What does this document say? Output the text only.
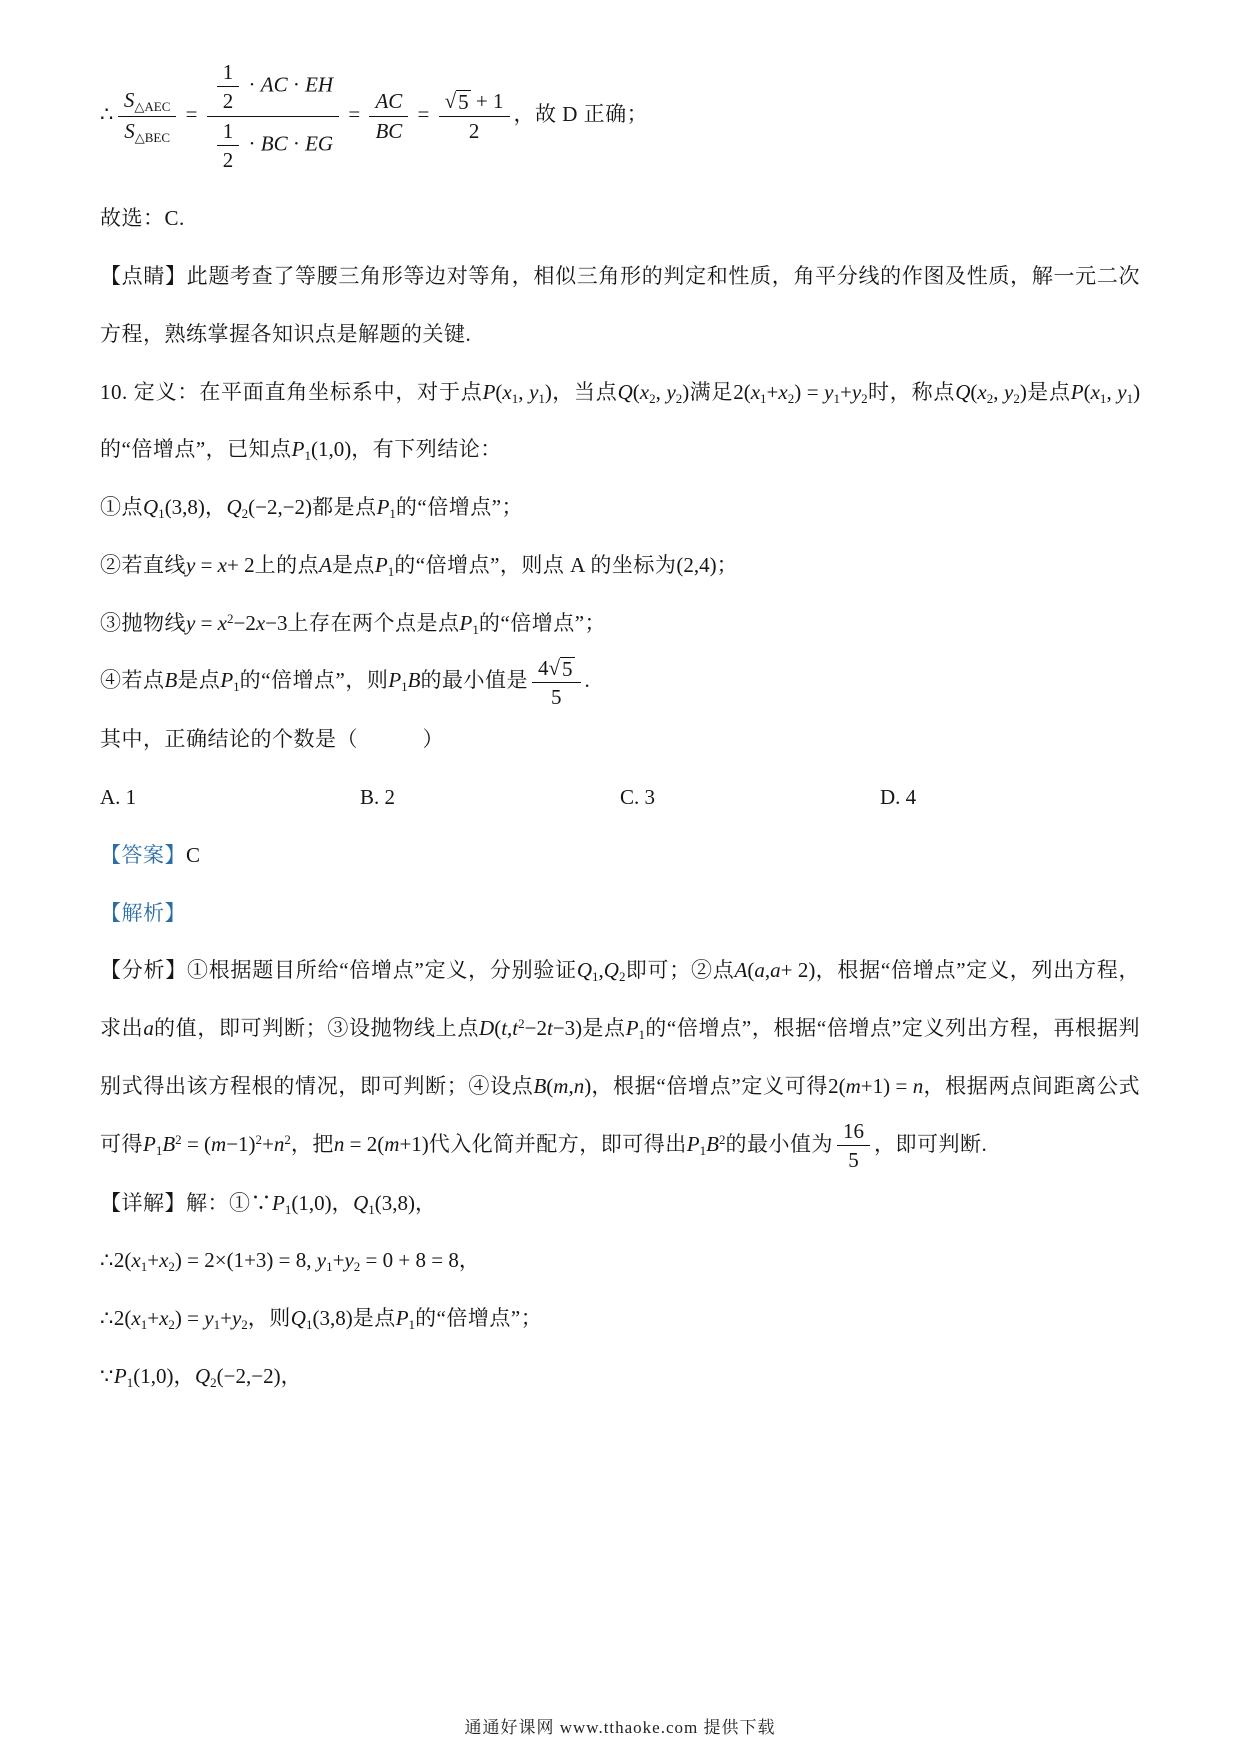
∴ $\frac{\text{S△AEC}}{\text{S△BEC}} = \frac{\frac{1}{2} \cdot AC \cdot EH}{\frac{1}{2} \cdot BC \cdot EG} = \frac{AC}{BC} = \frac{√ 5 + 1}{2}$ ，故 D 正确；
故选：C.
【点睛】此题考查了等腰三角形等边对等角，相似三角形的判定和性质，角平分线的作图及性质，解一元二次方程，熟练掌握各知识点是解题的关键.
10. 定义：在平面直角坐标系中，对于点P(x1, y1)，当点Q(x2, y2)满足2(x1+x2) = y1+y2时，称点Q(x2, y2)是点P(x1, y1)的“倍增点”，已知点P1(1,0)，有下列结论：
①点Q1(3,8)，Q2(−2,−2)都是点P1的“倍增点”；
②若直线y = x+ 2上的点A是点P1的“倍增点”，则点 A 的坐标为(2,4)；
③抛物线$y = x^2-2x-3$上存在两个点是点P1的“倍增点”；
④若点B是点P1的“倍增点”，则P1B的最小值是 $\frac{4 √ 5}{5}$ .
其中，正确结论的个数是（　　　）
A. 1	B. 2	C. 3	D. 4
【答案】C
【解析】
【分析】①根据题目所给“倍增点”定义，分别验证Q1,Q2即可；②点A(a,a+ 2)，根据“倍增点”定义，列出方程，求出a的值，即可判断；③设抛物线上点$D(t,t^2-2t-3)$是点P1的“倍增点”，根据“倍增点”定义列出方程，再根据判别式得出该方程根的情况，即可判断；④设点B(m,n)，根据“倍增点”定义可得2(m+1) = n，根据两点间距离公式可得$P1B^2 = (m-1)^2+n^2$，把n = 2(m+1)代入化简并配方，即可得出$P1B^2$的最小值为 $\frac{16}{5}$ ，即可判断.
【详解】解：①∵P1(1,0)，Q1(3,8)，
∴2(x1+x2) = 2×(1+3) = 8, y1+y2 = 0 + 8 = 8，
∴2(x1+x2) = y1+y2，则Q1(3,8)是点P1的“倍增点”；
∵P1(1,0)，Q2(−2,−2)，
通通好课网 www.tthaoke.com 提供下载
